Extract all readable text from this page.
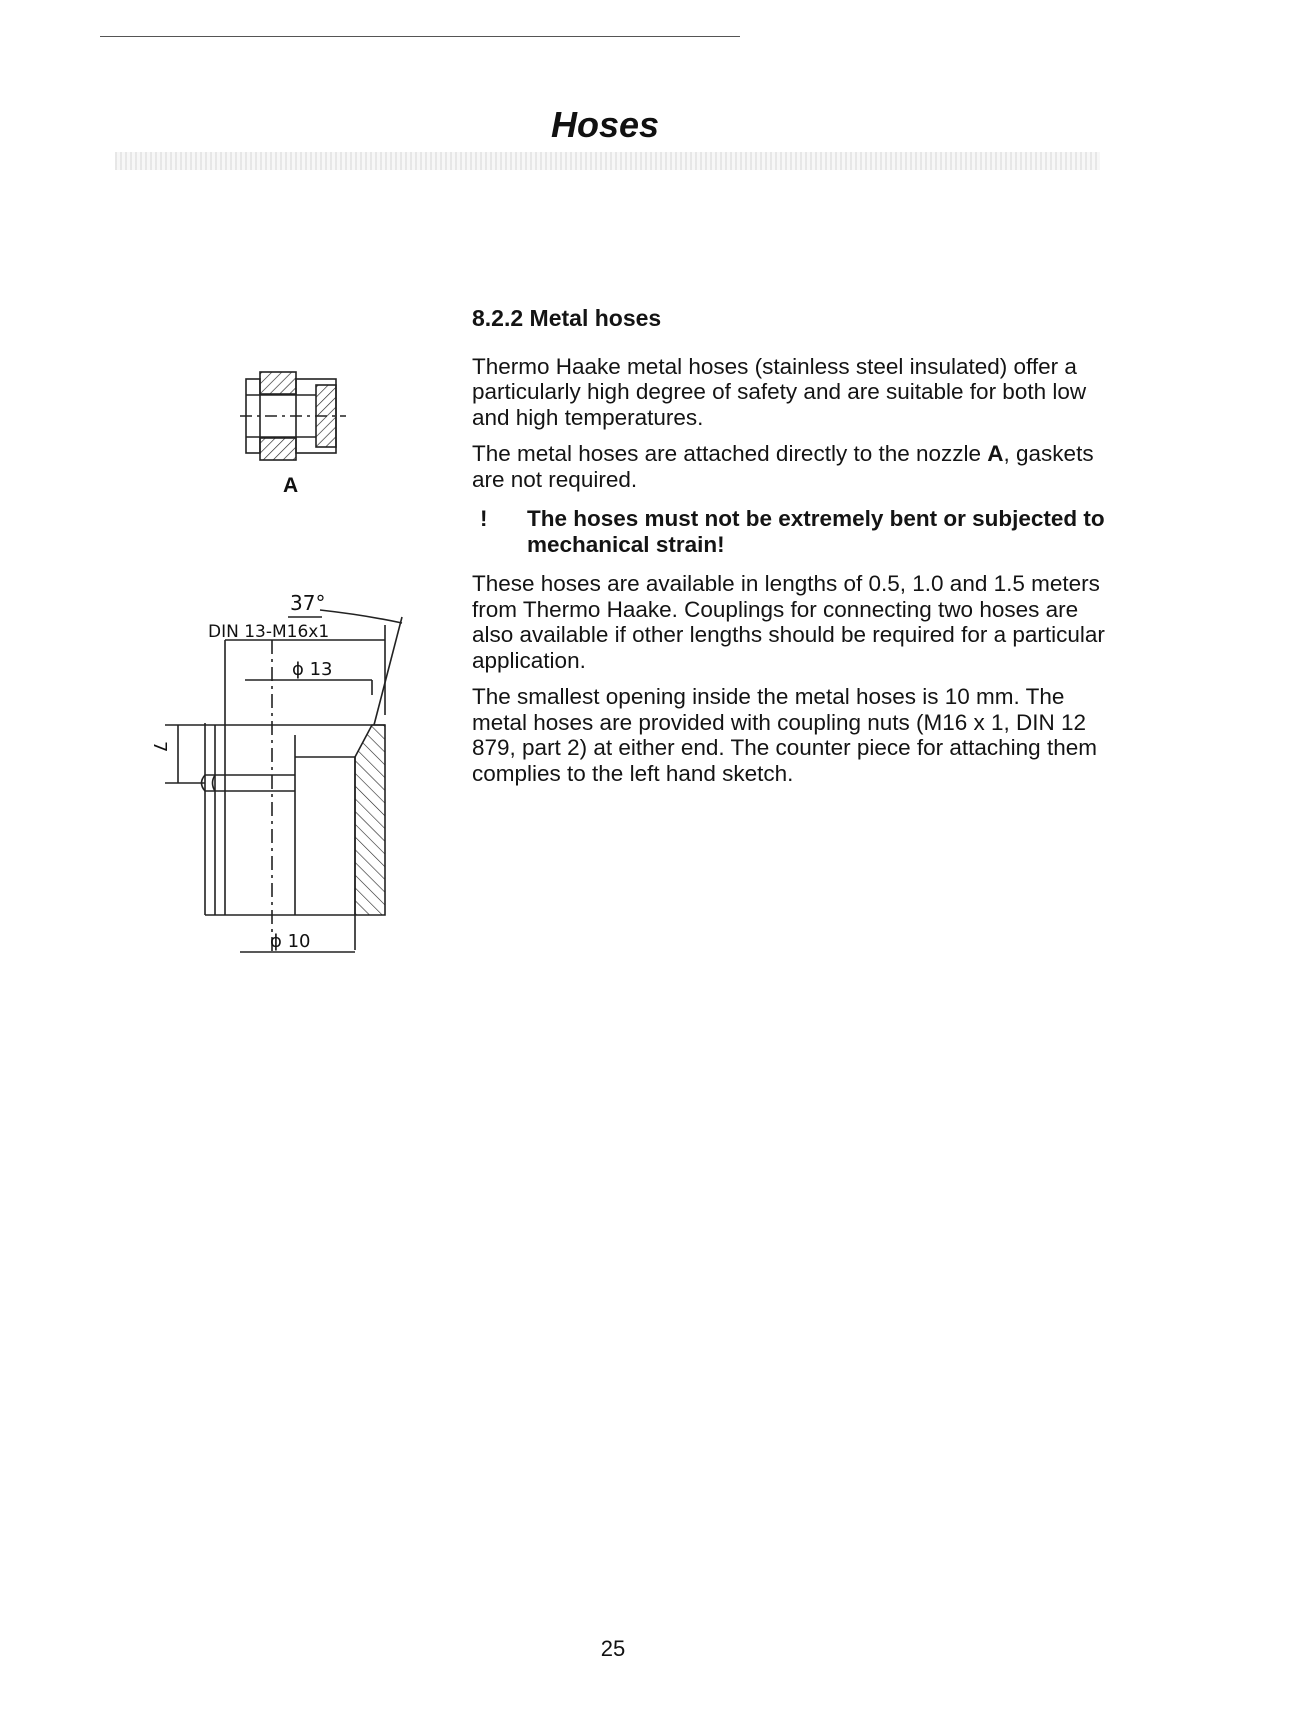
Hoses
37°
DIN 13-M16x1
ϕ 13
ϕ 10
7
A
8.2.2 Metal hoses

Thermo Haake metal hoses (stainless steel insulated) offer a particularly high degree of safety and are suitable for both low and high temperatures.

The metal hoses are attached directly to the nozzle A, gaskets are not required.

!	The hoses must not be extremely bent or subjected to mechanical strain!

These hoses are available in lengths of 0.5, 1.0 and 1.5 meters from Thermo Haake. Couplings for connecting two hoses are also available if other lengths should be required for a particular application.

The smallest opening inside the metal hoses is 10 mm. The metal hoses are provided with coupling nuts (M16 x 1, DIN 12 879, part 2) at either end. The counter piece for attaching them complies to the left hand sketch.

25
